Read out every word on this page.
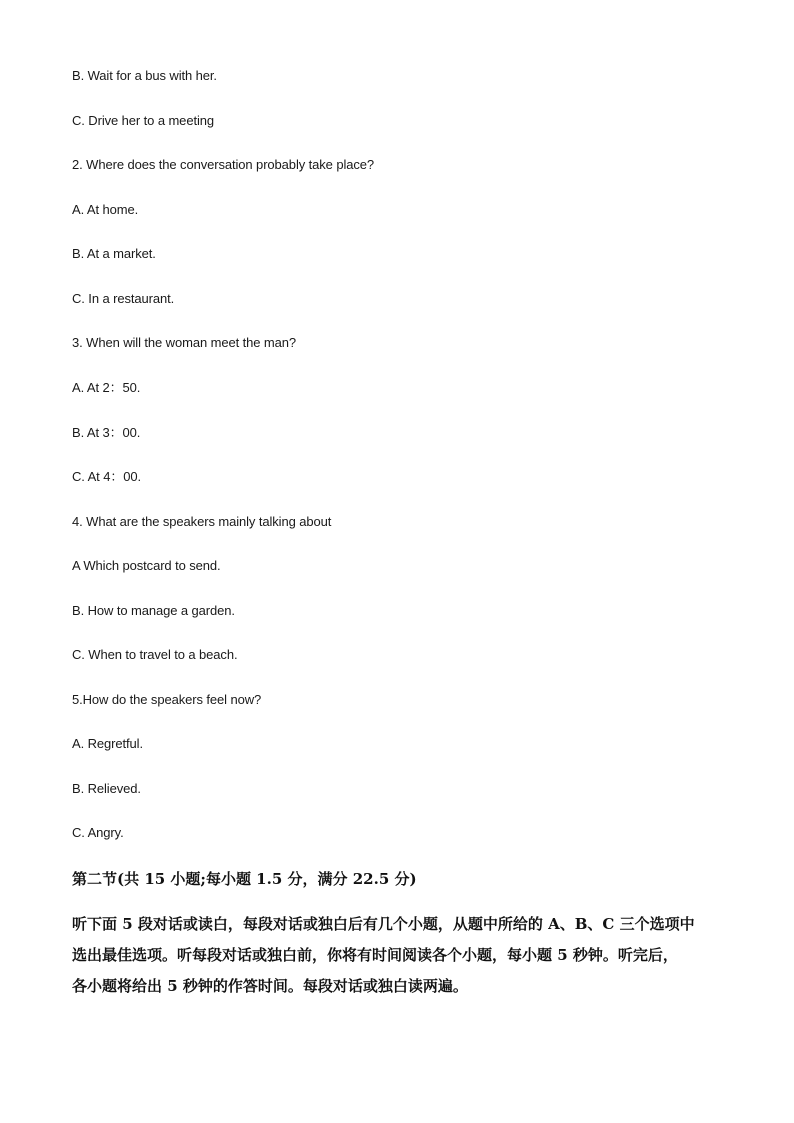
B. Wait for a bus with her.
C. Drive her to a meeting
2. Where does the conversation probably take place?
A. At home.
B. At a market.
C. In a restaurant.
3. When will the woman meet the man?
A. At 2：50.
B. At 3：00.
C. At 4：00.
4. What are the speakers mainly talking about
A Which postcard to send.
B. How to manage a garden.
C. When to travel to a beach.
5.How do the speakers feel now?
A. Regretful.
B. Relieved.
C. Angry.
第二节(共 15 小题;每小题 1.5 分，满分 22.5 分)
听下面 5 段对话或读白，每段对话或独白后有几个小题，从题中所给的 A、B、C 三个选项中
选出最佳选项。听每段对话或独白前，你将有时间阅读各个小题，每小题 5 秒钟。听完后，
各小题将给出 5 秒钟的作答时间。每段对话或独白读两遍。
